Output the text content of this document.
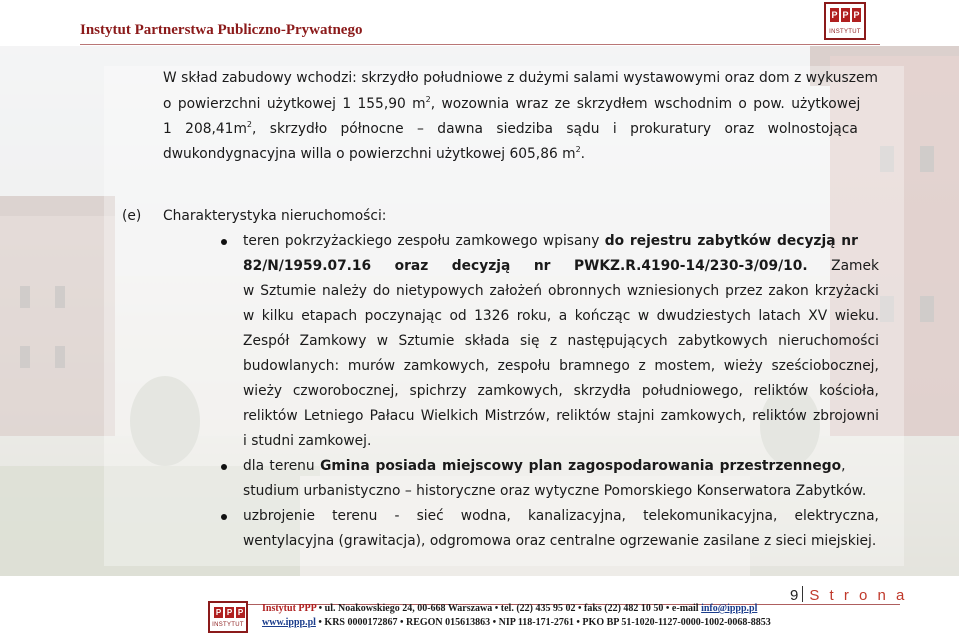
Instytut Partnerstwa Publiczno-Prywatnego
P P P
INSTYTUT
W skład zabudowy wchodzi: skrzydło południowe z dużymi salami wystawowymi oraz dom z wykuszem
o powierzchni użytkowej 1 155,90 $m^2$, wozownia wraz ze skrzydłem wschodnim o pow. użytkowej
1 $208,41m^2$, skrzydło północne – dawna siedziba sądu i prokuratury oraz wolnostojąca
dwukondygnacyjna willa o powierzchni użytkowej 605,86 $m^2$.
(e) Charakterystyka nieruchomości:
teren pokrzyżackiego zespołu zamkowego wpisany do rejestru zabytków decyzją nr
82/N/1959.07.16 oraz decyzją nr PWKZ.R.4190-14/230-3/09/10. Zamek
w Sztumie należy do nietypowych założeń obronnych wzniesionych przez zakon krzyżacki
w kilku etapach poczynając od 1326 roku, a kończąc w dwudziestych latach XV wieku.
Zespół Zamkowy w Sztumie składa się z następujących zabytkowych nieruchomości
budowlanych: murów zamkowych, zespołu bramnego z mostem, wieży sześciobocznej,
wieży czworobocznej, spichrzy zamkowych, skrzydła południowego, reliktów kościoła,
reliktów Letniego Pałacu Wielkich Mistrzów, reliktów stajni zamkowych, reliktów zbrojowni
i studni zamkowej.
dla terenu Gmina posiada miejscowy plan zagospodarowania przestrzennego,
studium urbanistyczno – historyczne oraz wytyczne Pomorskiego Konserwatora Zabytków.
uzbrojenie terenu - sieć wodna, kanalizacyjna, telekomunikacyjna, elektryczna,
wentylacyjna (grawitacja), odgromowa oraz centralne ogrzewanie zasilane z sieci miejskiej.
9 S t r o n a
P P P
INSTYTUT
Instytut PPP • ul. Noakowskiego 24, 00-668 Warszawa • tel. (22) 435 95 02 • faks (22) 482 10 50 • e-mail info@ippp.pl
www.ippp.pl • KRS 0000172867 • REGON 015613863 • NIP 118-171-2761 • PKO BP 51-1020-1127-0000-1002-0068-8853
